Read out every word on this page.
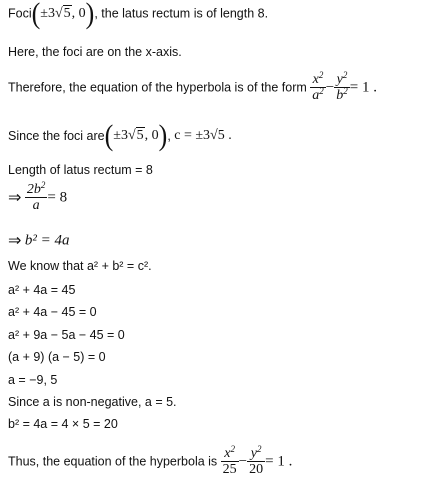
Foci(±3√5, 0), the latus rectum is of length 8.
Here, the foci are on the x-axis.
Therefore, the equation of the hyperbola is of the form $\frac{x^2}{a^2} - \frac{y^2}{b^2} = 1$ .
Since the foci are(±3√5, 0), c = ±3√5 .
Length of latus rectum = 8
⇒ $\frac{2b^2}{a} = 8$
⇒ b² = 4a
We know that a² + b² = c².
a² + 4a = 45
a² + 4a − 45 = 0
a² + 9a − 5a − 45 = 0
(a + 9) (a − 5) = 0
a = −9, 5
Since a is non-negative, a = 5.
b² = 4a = 4 × 5 = 20
Thus, the equation of the hyperbola is $\frac{x^2}{25} - \frac{y^2}{20} = 1$ .
